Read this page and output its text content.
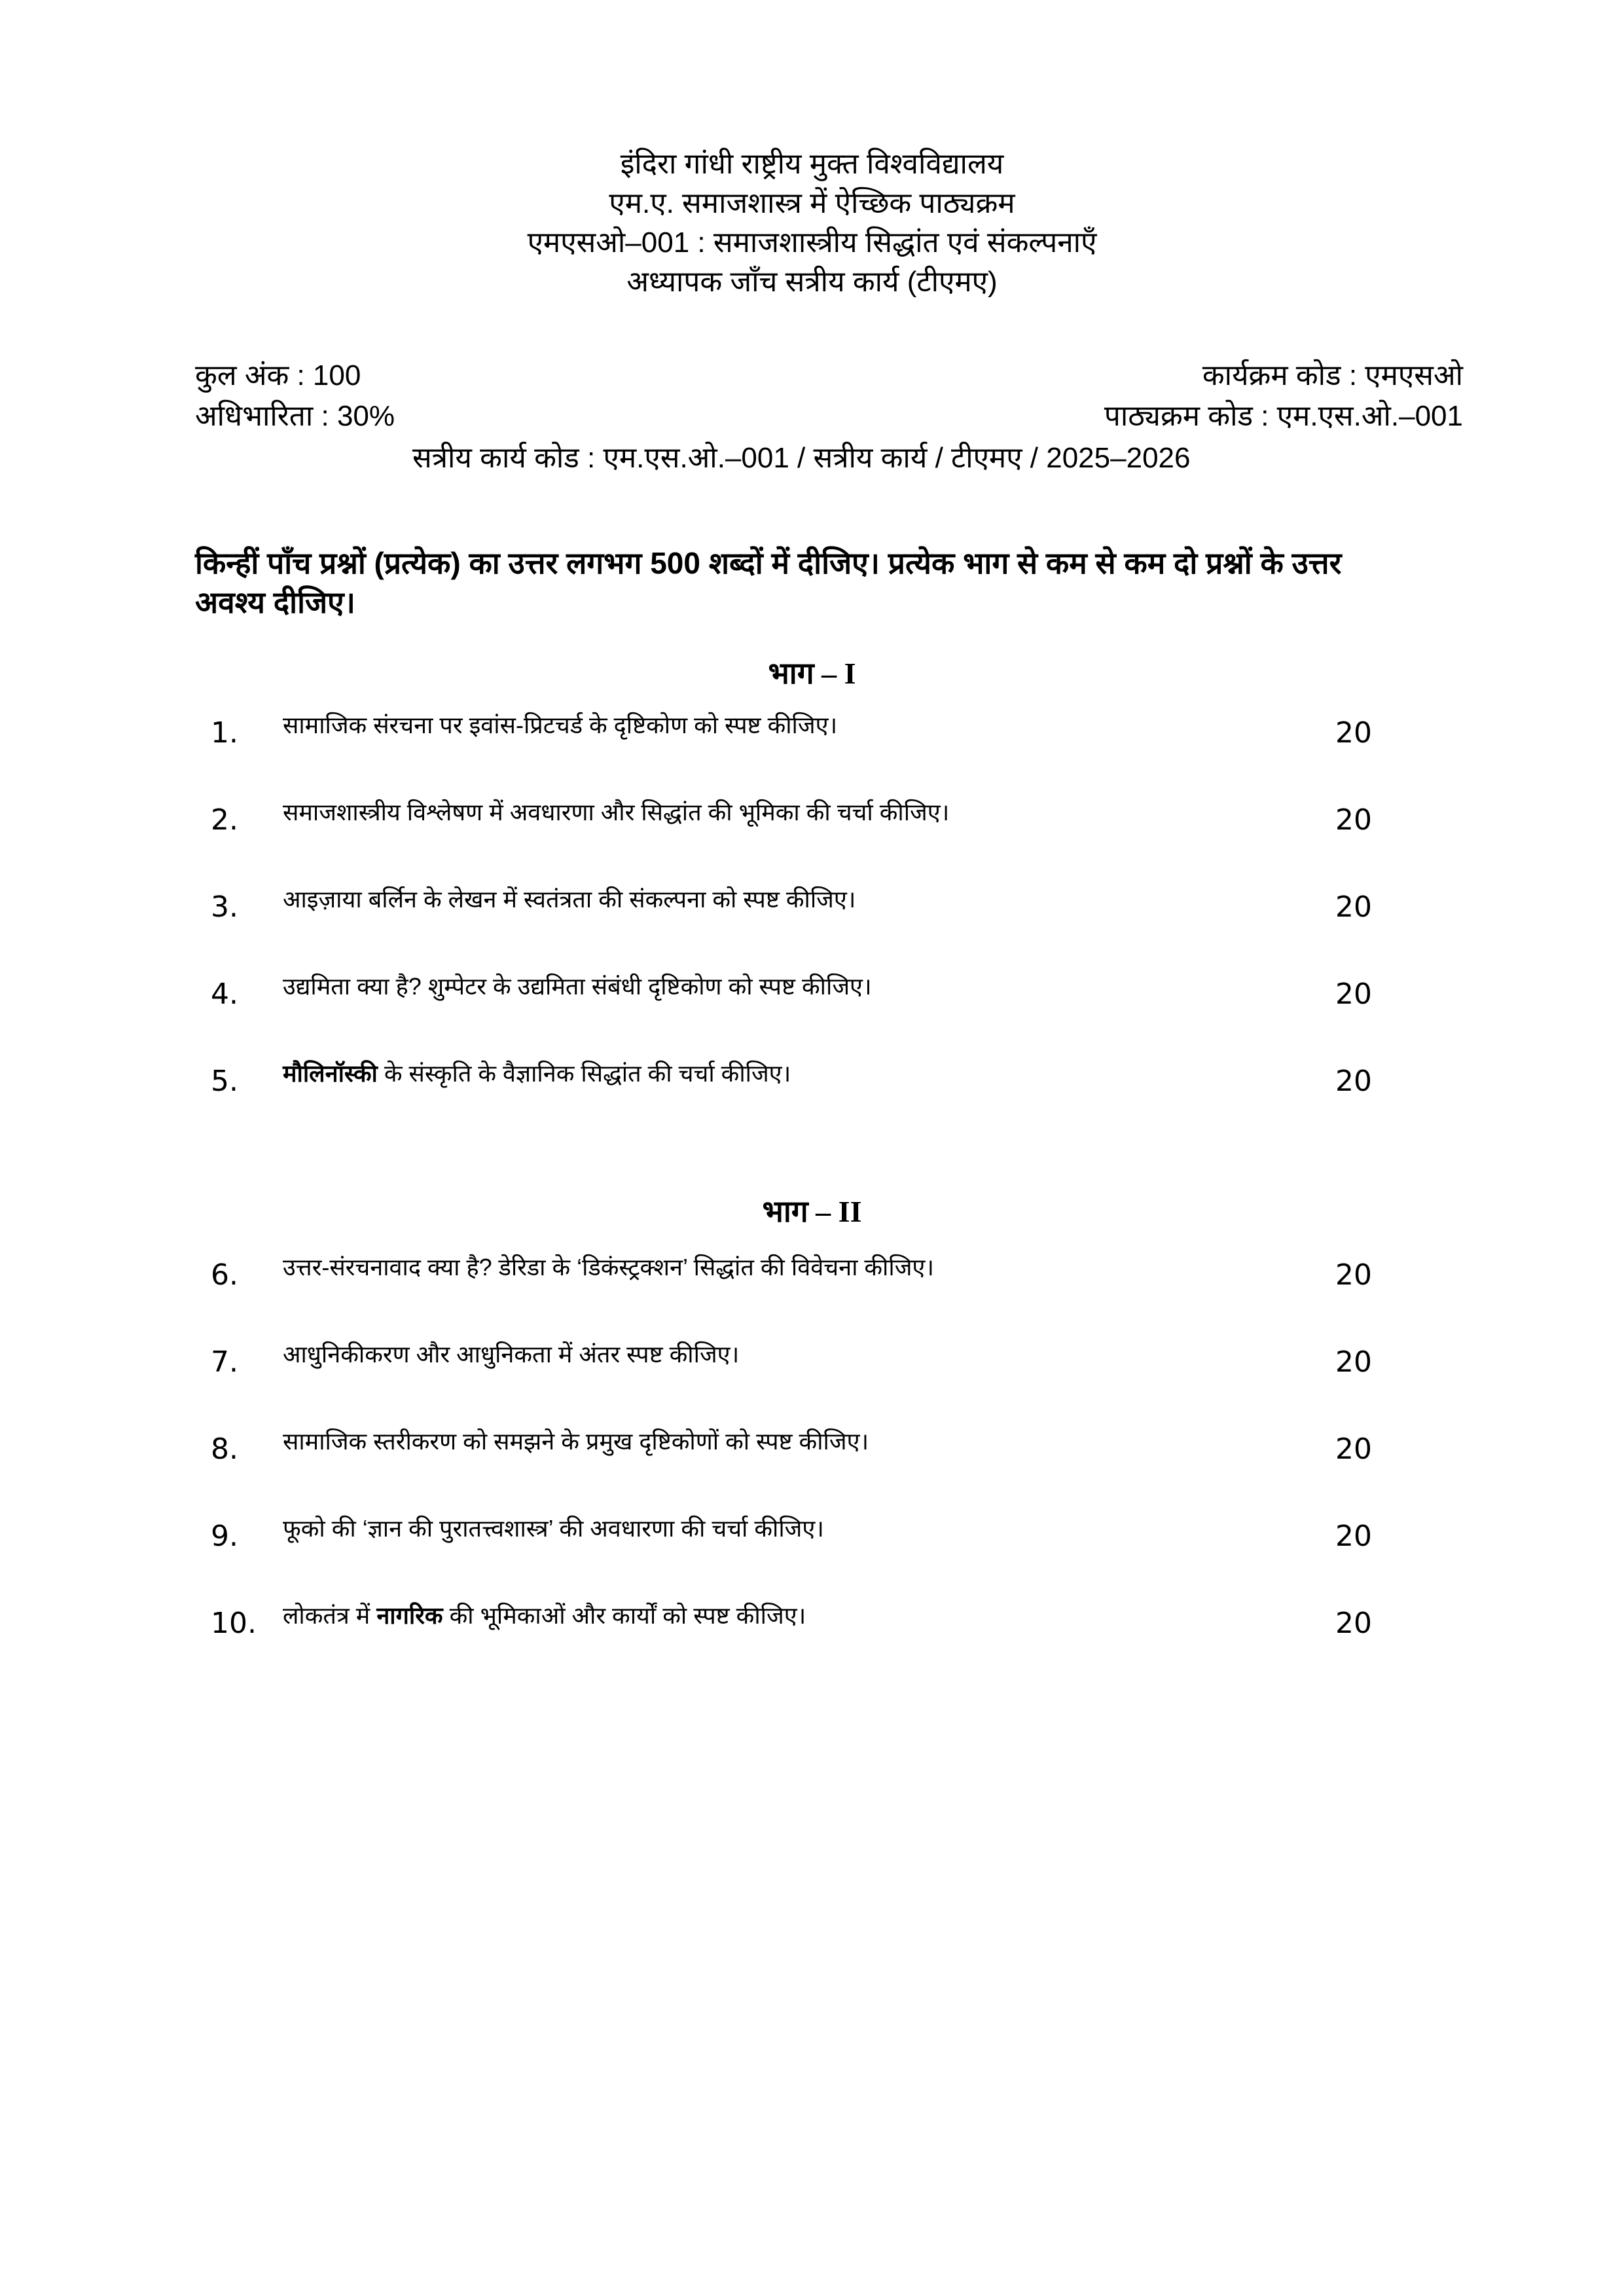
इंदिरा गांधी राष्ट्रीय मुक्त विश्वविद्यालय
एम.ए. समाजशास्त्र में ऐच्छिक पाठ्यक्रम
एमएसओ–001 : समाजशास्त्रीय सिद्धांत एवं संकल्पनाएँ
अध्यापक जाँच सत्रीय कार्य (टीएमए)
कुल अंक : 100	कार्यक्रम कोड : एमएसओ
अधिभारिता : 30%	पाठ्यक्रम कोड : एम.एस.ओ.–001
सत्रीय कार्य कोड : एम.एस.ओ.–001 / सत्रीय कार्य / टीएमए / 2025–2026
किन्हीं पाँच प्रश्नों (प्रत्येक) का उत्तर लगभग 500 शब्दों में दीजिए। प्रत्येक भाग से कम से कम दो प्रश्नों के उत्तर अवश्य दीजिए।
भाग – I
1. सामाजिक संरचना पर इवांस-प्रिटचर्ड के दृष्टिकोण को स्पष्ट कीजिए।	20
2. समाजशास्त्रीय विश्लेषण में अवधारणा और सिद्धांत की भूमिका की चर्चा कीजिए।	20
3. आइज़ाया बर्लिन के लेखन में स्वतंत्रता की संकल्पना को स्पष्ट कीजिए।	20
4. उद्यमिता क्या है? शुम्पेटर के उद्यमिता संबंधी दृष्टिकोण को स्पष्ट कीजिए।	20
5. मौलिनॉस्की के संस्कृति के वैज्ञानिक सिद्धांत की चर्चा कीजिए।	20
भाग – II
6. उत्तर-संरचनावाद क्या है? डेरिडा के ‘डिकंस्ट्रक्शन’ सिद्धांत की विवेचना कीजिए।	20
7. आधुनिकीकरण और आधुनिकता में अंतर स्पष्ट कीजिए।	20
8. सामाजिक स्तरीकरण को समझने के प्रमुख दृष्टिकोणों को स्पष्ट कीजिए।	20
9. फूको की ‘ज्ञान की पुरातत्त्वशास्त्र’ की अवधारणा की चर्चा कीजिए।	20
10. लोकतंत्र में नागरिक की भूमिकाओं और कार्यों को स्पष्ट कीजिए।	20
